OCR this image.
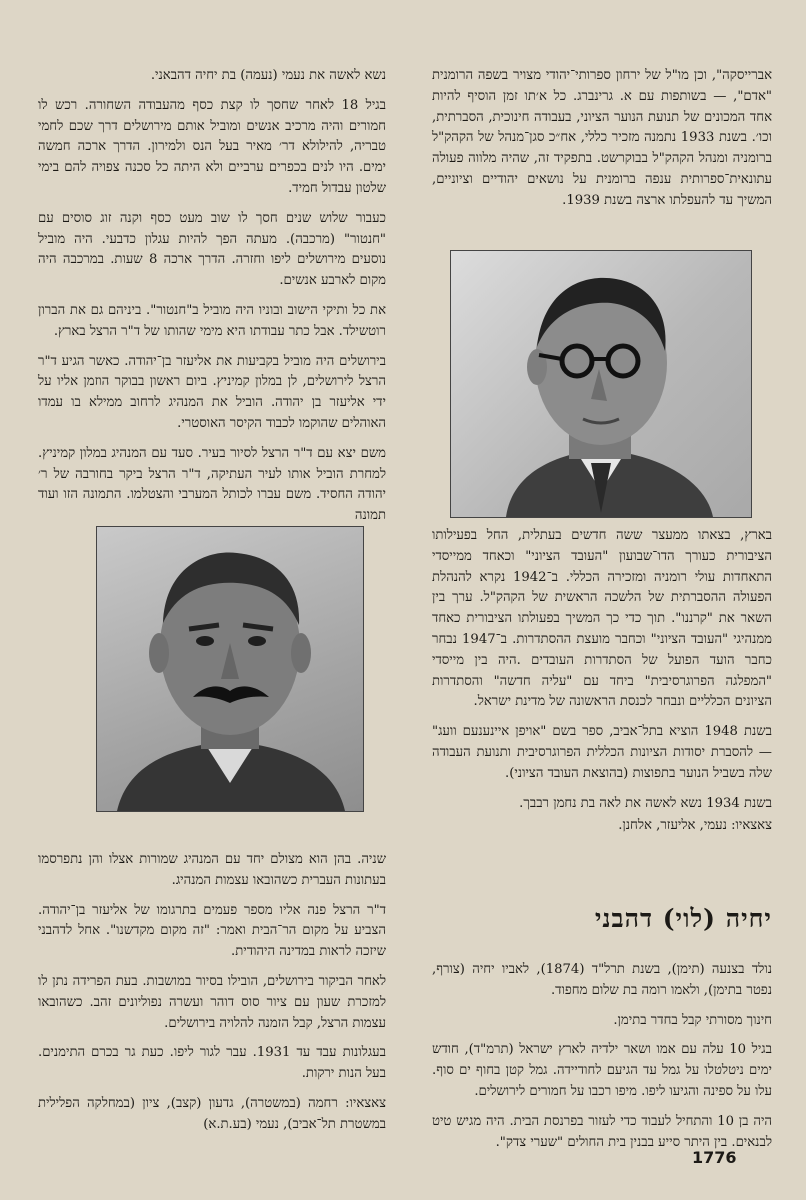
אברייסקה", וכן מו"ל של ירחון ספרותי־יהודי מצויר בשפה הרומנית "אדם", — בשותפות עם א. גרינברג. כל א׳תו זמן הוסיף להיות אחד המכונים של תנועת הנוער הציוני, בעבודה חינוכית, הסברתית, וכו׳. בשנת 1933 נתמנה מזכיר כללי, אח״כ סגן־מנהל של הקהק"ל ברומניה ומנהל הקהק"ל בבוקרשט. בתפקיד זה, שהיה מלווה פעולה עתונאית־ספרותית ענפה ברומנית על נושאים יהודיים וציוניים, המשיך עד להעפלתו ארצה בשנת 1939.

בארץ, בצאתו ממעצר ששה חדשים בעתלית, החל בפעילותו הציבורית כעורך הדו־שבועון "העובד הציוני" וכאחד ממייסדי התאחדות עולי רומניה ומזכירה הכללי. ב־1942 נקרא להנהלת הפעולה ההסברתית של הלשכה הראשית של הקהק"ל. ערך בין השאר את "קרננו". תוך כדי כך המשיך בפעולתו הציבורית כאחד ממנהיגי "העובד הציוני" וכחבר מועצת ההסתדרות. ב־1947 נבחר כחבר הועד הפועל של הסתדרות העובדים .היה בין מייסדי "המפלגה הפרוגרסיבית" ביחד עם "עליה חדשה" והסתדרות הציונים הכלליים ונבחר לכנסת הראשונה של מדינת ישראל.

בשנת 1948 הוציא בתל־אביב, ספר בשם "אויפן איינענעם וועג" — להסברת יסודות הציונות הכללית הפרוגרסיבית ותנועת העבודה שלה בשביל הנוער בתפוצות (בהוצאת העובד הציוני).

בשנת 1934 נשא לאשה את לאה בת נחמן רבבך.

צאצאיו: נעמי, אליעזר, אלחנן.

יחיה (לוי) דהבני

נולד בצנעה (תימן), בשנת תרל"ד (1874), לאביו יחיה (צורף, נפטר בתימן), ולאמו רומה בת שלום מחפוד.

חינוך מסורתי קבל בחדר בתימן.

בגיל 10 עלה עם אמו ושאר ילדיה לארץ ישראל (תרמ"ד), חודש ימים ניטלטלו על גמל עד הגיעם לחודיידה. גמל קטן בחוף ים סוף. עלו על ספינה והגיעו ליפו. מיפו רכבו על חמורים לירושלים.

היה בן 10 והתחיל לעבוד כדי לעזור בפרנסת הבית. היה מגיש טיט לבנאים. בין היתר סייע בבנין בית החולים "שערי צדק".

נשא לאשה את נעמי (נעמה) בת יחיה דהבאני.

בגיל 18 לאחר שחסך לו קצת כסף מהעבודה השחורה. רכש לו חמורים והיה מרכיב אנשים ומוביל אותם מירושלים דרך שכם לחמי טבריה, להילולא דר׳ מאיר בעל הנס ולמירון. הדרך ארכה חמשה ימים. היו לנים בכפרים ערביים ולא היתה כל סכנה צפויה להם בימי שלטון עבדול חמיד.

כעבור שלוש שנים חסך לו שוב מעט כסף וקנה זוג סוסים עם "חנטור" (מרכבה). מעתה הפך להיות עגלון כדבעי. היה מוביל נוסעים מירושלים ליפו וחזרה. הדרך ארכה 8 שעות. במרכבה היה מקום לארבע אנשים.

את כל ותיקי הישוב ובוניו היה מוביל ב"חנטור". ביניהם גם את הברון רוטשילד. אבל כתר עבודתו היא מימי שהותו של ד"ר הרצל בארץ.

בירושלים היה מוביל בקביעות את אליעזר בן־יהודה. כאשר הגיע ד"ר הרצל לירושלים, לן במלון קמיניץ. ביום ראשון בבוקר הוזמן אליו על ידי אליעזר בן יהודה. הוביל את המנהיג לרחוב ממילא בו עמדו האוהלים שהוקמו לכבוד הקיסר האוסטרי.

משם יצא עם ד"ר הרצל לסיור בעיר. סעד עם המנהיג במלון קמיניץ. למחרת הוביל אותו לעיר העתיקה, ד"ר הרצל ביקר בחורבה של ר׳ יהודה החסיד. משם עברו לכותל המערבי והצטלמו. התמונה הזו ועוד תמונה

שניה. בהן הוא מצולם יחד עם המנהיג שמורות אצלו והן נתפרסמו בעתונות העברית כשהובאו עצמות המנהיג.

ד"ר הרצל פנה אליו מספר פעמים בתרגומו של אליעזר בן־יהודה. הצביע על מקום הר־הבית ואמר: "זה מקום מקדשנו". אחל לדהבני שיזכה לראות במדינה היהודית.

לאחר הביקור בירושלים, הובילו בסיור במושבות. בעת הפרידה נתן לו למזכרת שעון עם ציור סוס דוהר ועשרה נפוליונים זהב. כשהובאו עצמות הרצל, קבל הזמנה להלויה בירושלים.

בעגלונות עבד עד 1931. עבר לגור ליפו. כעת גר בכרם התימנים. בעל הנות ירקות.

צאצאיו: רחמה (במשטרה), גדעון (קצב), ציון (במחלקה הפלילית במשטרת תל־אביב), נעמי (בע.ת.א)

1776
